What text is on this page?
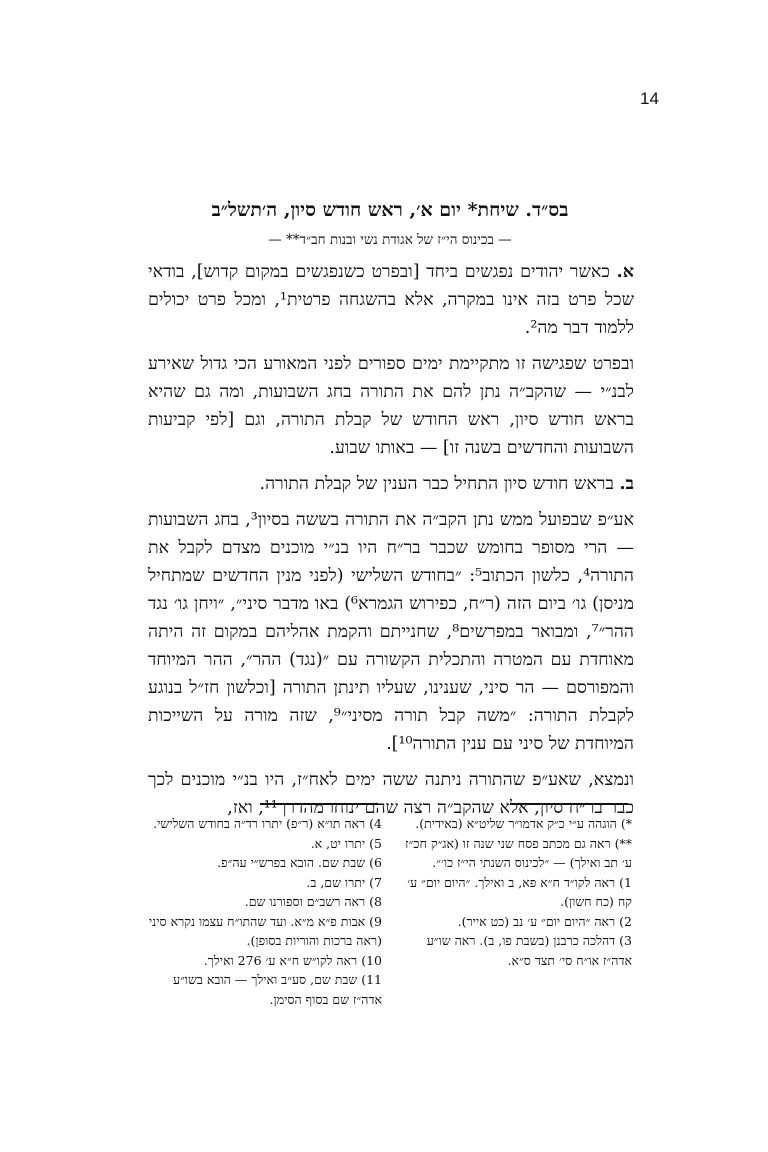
14
בס״ד. שיחת* יום א׳, ראש חודש סיון, ה׳תשל״ב
— בכינוס הי״ז של אגודת נשי ובנות חב״ד** —

א. כאשר יהודים נפגשים ביחד [ובפרט כשנפגשים במקום קדוש], בודאי שכל פרט בזה אינו במקרה, אלא בהשגחה פרטית¹, ומכל פרט יכולים ללמוד דבר מה².

ובפרט שפגישה זו מתקיימת ימים ספורים לפני המאורע הכי גדול שאירע לבנ״י — שהקב״ה נתן להם את התורה בחג השבועות, ומה גם שהיא בראש חודש סיון, ראש החודש של קבלת התורה, וגם [לפי קביעות השבועות והחדשים בשנה זו] — באותו שבוע.

ב. בראש חודש סיון התחיל כבר הענין של קבלת התורה.

אע״פ שבפועל ממש נתן הקב״ה את התורה בששה בסיון³, בחג השבועות — הרי מסופר בחומש שכבר בר״ח היו בנ״י מוכנים מצדם לקבל את התורה⁴, כלשון הכתוב⁵: ״בחודש השלישי (לפני מנין החדשים שמתחיל מניסן) גו׳ ביום הזה (ר״ח, כפירוש הגמרא⁶) באו מדבר סיני״, ״ויחן גו׳ נגד ההר״⁷, ומבואר במפרשים⁸, שחנייתם והקמת אהליהם במקום זה היתה מאוחדת עם המטרה והתכלית הקשורה עם ״(נגד) ההר״, ההר המיוחד והמפורסם — הר סיני, שענינו, שעליו תינתן התורה [וכלשון חז״ל בנוגע לקבלת התורה: ״משה קבל תורה מסיני״⁹, שזה מורה על השייכות המיוחדת של סיני עם ענין התורה¹⁰].

ונמצא, שאע״פ שהתורה ניתנה ששה ימים לאח״ז, היו בנ״י מוכנים לכך כבר בר״ח סיון, אלא שהקב״ה רצה שהם ינוחו מהדרך¹¹, ואז,

*)הוגהה ע״י כ״ק אדמו״ר שליט״א (באידית).
**)ראה גם מכתב פסח שני שנה זו (אג״ק חכ״ז ע׳ תב ואילך) — ״לכינוס השנתי הי״ז כו׳״.
1)ראה לקו״ד ח״א פא, ב ואילך. ״היום יום״ ע׳ קח (כח חשון).
2)ראה ״היום יום״ ע׳ נב (כט אייר).
3)דהלכה כרבנן (בשבת פו, ב). ראה שו״ע אדה״ז או״ח סי׳ תצד ס״א.
4)ראה תו״א (ר״פ) יתרו רד״ה בחודש השלישי.
5)יתרו יט, א.
6)שבת שם. הובא בפרש״י עה״פ.
7)יתרו שם, ב.
8)ראה רשב״ם וספורנו שם.
9)אבות פ״א מ״א. ועד שהתו״ח עצמו נקרא סיני (ראה ברכות והוריות בסופן).
10)ראה לקו״ש ח״א ע׳ 276 ואילך.
11)שבת שם, סע״ב ואילך — הובא בשו״ע אדה״ז שם בסוף הסימן.
